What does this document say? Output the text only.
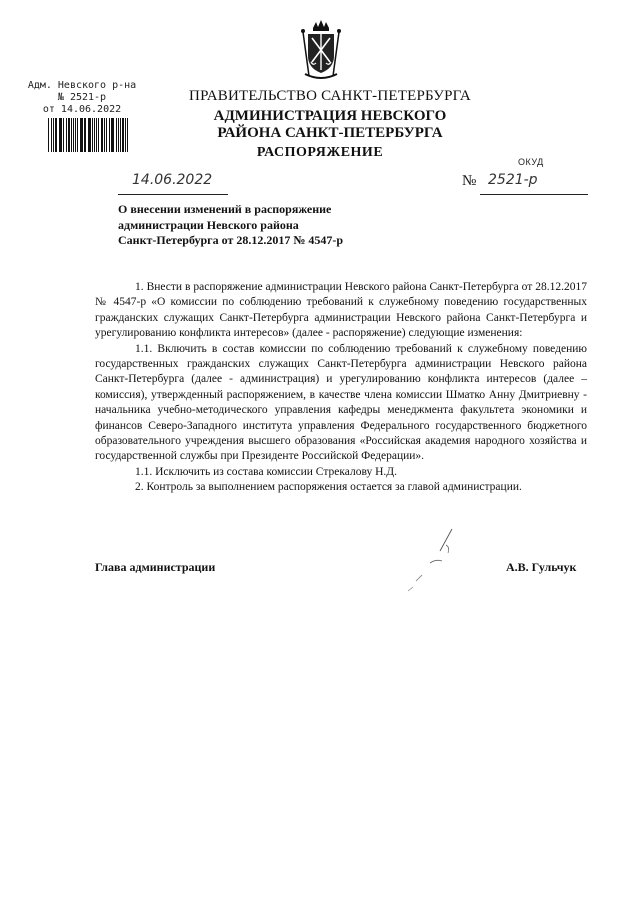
Адм. Невского р-на
№ 2521-р
от 14.06.2022
ПРАВИТЕЛЬСТВО САНКТ-ПЕТЕРБУРГА
АДМИНИСТРАЦИЯ НЕВСКОГО
РАЙОНА САНКТ-ПЕТЕРБУРГА
РАСПОРЯЖЕНИЕ
ОКУД
14.06.2022	№ 2521-р
О внесении изменений в распоряжение
администрации Невского района
Санкт-Петербурга от 28.12.2017 № 4547-р

1. Внести в распоряжение администрации Невского района Санкт-Петербурга от 28.12.2017 № 4547-р «О комиссии по соблюдению требований к служебному поведению государственных гражданских служащих Санкт-Петербурга администрации Невского района Санкт-Петербурга и урегулированию конфликта интересов» (далее - распоряжение) следующие изменения:

1.1. Включить в состав комиссии по соблюдению требований к служебному поведению государственных гражданских служащих Санкт-Петербурга администрации Невского района Санкт-Петербурга (далее - администрация) и урегулированию конфликта интересов (далее – комиссия), утвержденный распоряжением, в качестве члена комиссии Шматко Анну Дмитриевну - начальника учебно-методического управления кафедры менеджмента факультета экономики и финансов Северо-Западного института управления Федерального государственного бюджетного образовательного учреждения высшего образования «Российская академия народного хозяйства и государственной службы при Президенте Российской Федерации».

1.1. Исключить из состава комиссии Стрекалову Н.Д.

2. Контроль за выполнением распоряжения остается за главой администрации.

Глава администрации	А.В. Гульчук
